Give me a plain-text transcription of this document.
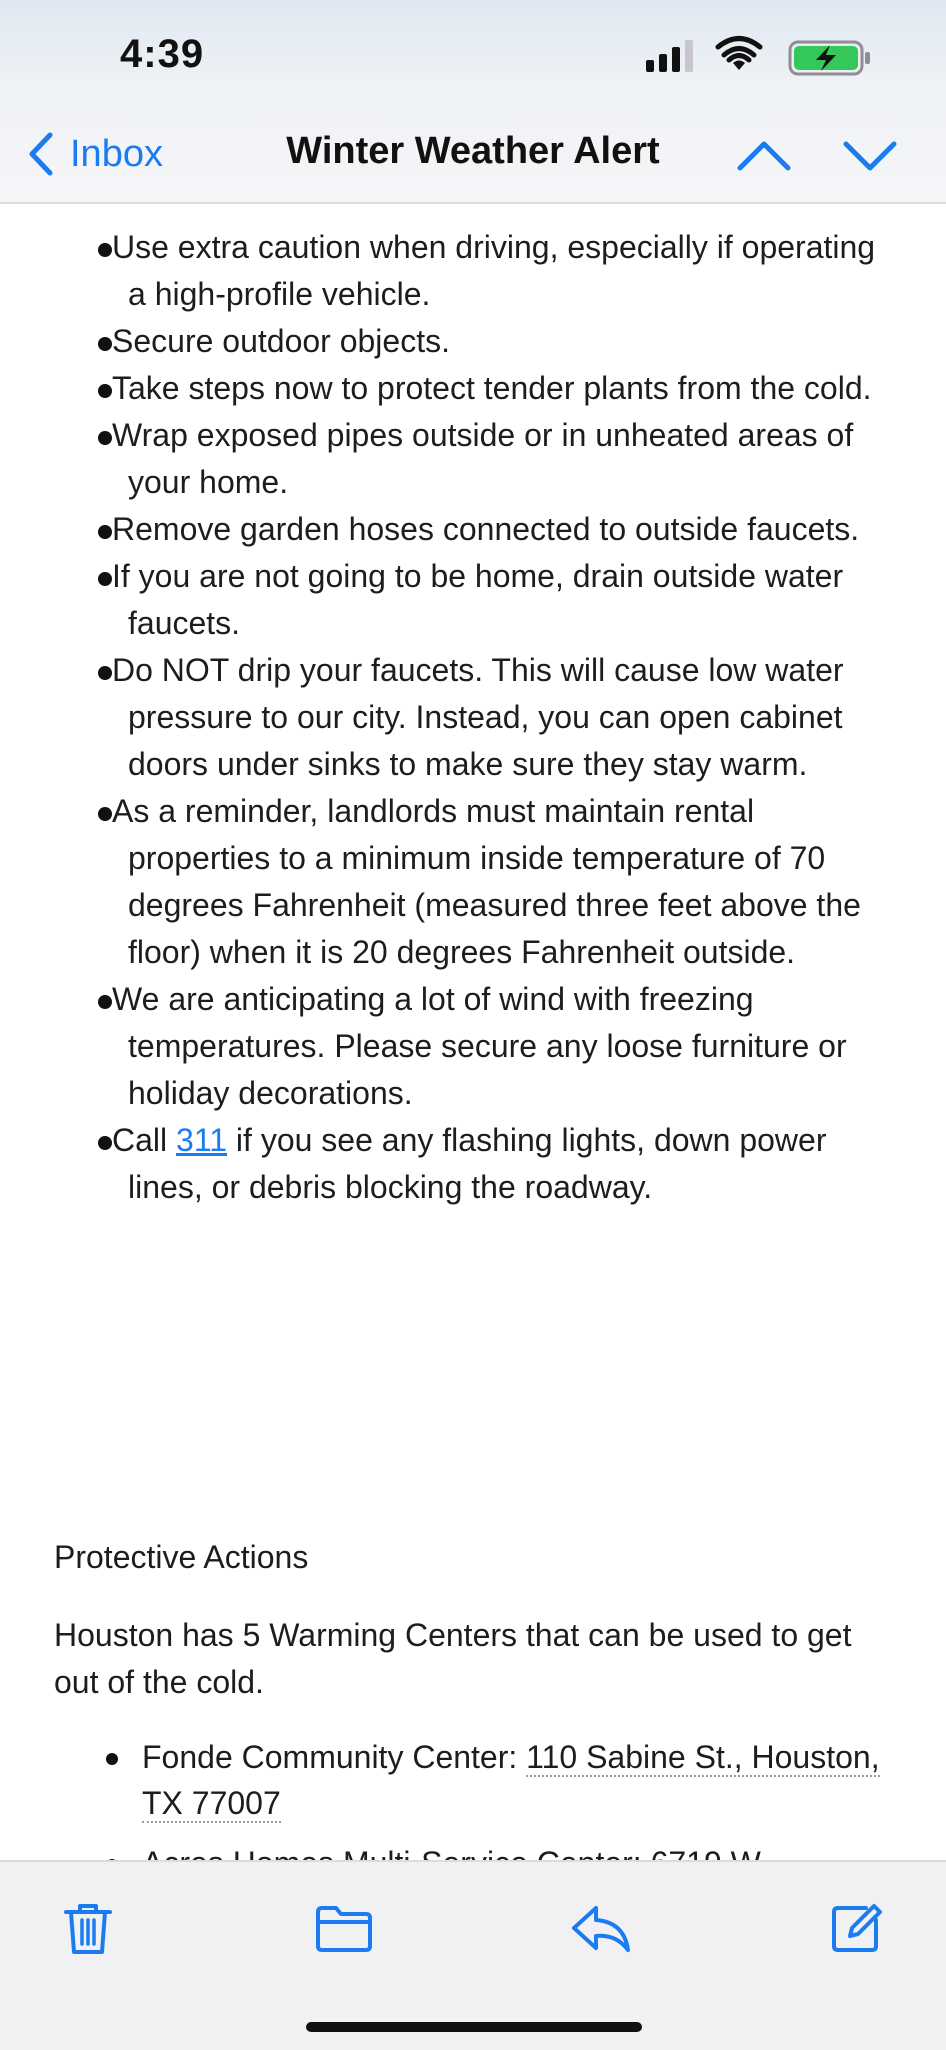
4:39
Inbox	Winter Weather Alert
Use extra caution when driving, especially if operating a high-profile vehicle.
Secure outdoor objects.
Take steps now to protect tender plants from the cold.
Wrap exposed pipes outside or in unheated areas of your home.
Remove garden hoses connected to outside faucets.
If you are not going to be home, drain outside water faucets.
Do NOT drip your faucets. This will cause low water pressure to our city. Instead, you can open cabinet doors under sinks to make sure they stay warm.
As a reminder, landlords must maintain rental properties to a minimum inside temperature of 70 degrees Fahrenheit (measured three feet above the floor) when it is 20 degrees Fahrenheit outside.
We are anticipating a lot of wind with freezing temperatures. Please secure any loose furniture or holiday decorations.
Call 311 if you see any flashing lights, down power lines, or debris blocking the roadway.
Protective Actions
Houston has 5 Warming Centers that can be used to get out of the cold.
Fonde Community Center: 110 Sabine St., Houston, TX 77007
